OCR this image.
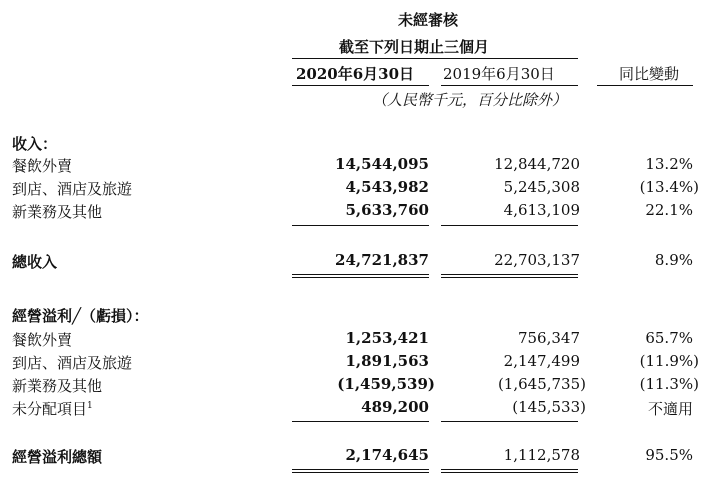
未經審核
截至下列日期止三個月
2020年6月30日 2019年6月30日	同比變動
（人民幣千元，百分比除外）
收入：
餐飲外賣	14,544,095	12,844,720	13.2%
到店、酒店及旅遊	4,543,982	5,245,308	(13.4%)
新業務及其他	5,633,760	4,613,109	22.1%
總收入	24,721,837	22,703,137	8.9%
經營溢利╱（虧損）：
餐飲外賣	1,253,421	756,347	65.7%
到店、酒店及旅遊	1,891,563	2,147,499	(11.9%)
新業務及其他	(1,459,539)	(1,645,735)	(11.3%)
未分配項目$^1$	489,200	(145,533)	不適用
經營溢利總額	2,174,645	1,112,578	95.5%
